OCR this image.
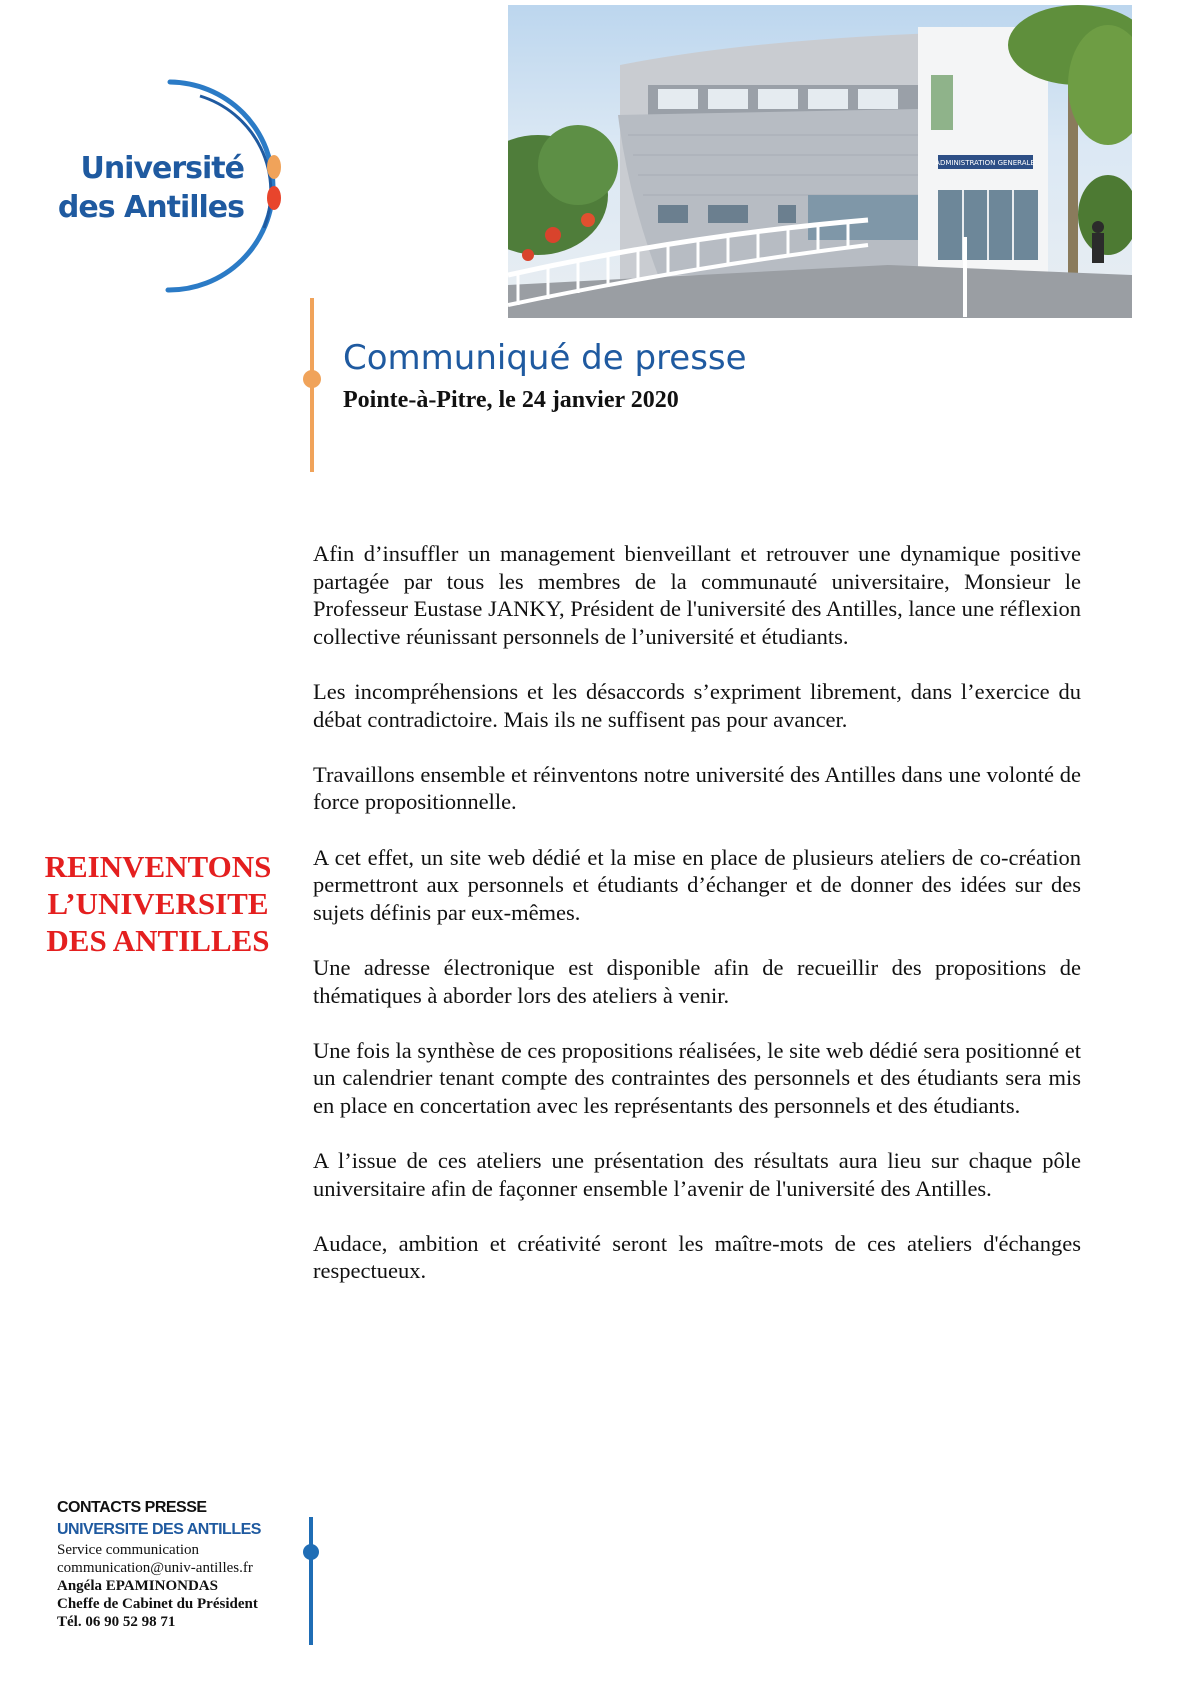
Université
des Antilles
ADMINISTRATION GENERALE
Communiqué de presse
Pointe-à-Pitre, le 24 janvier 2020

Afin d’insuffler un management bienveillant et retrouver une dynamique positive partagée par tous les membres de la communauté universitaire, Monsieur le Professeur Eustase JANKY, Président de l'université des Antilles, lance une réflexion collective réunissant personnels de l’université et étudiants.

Les incompréhensions et les désaccords s’expriment librement, dans l’exercice du débat contradictoire. Mais ils ne suffisent pas pour avancer.

Travaillons ensemble et réinventons notre université des Antilles dans une volonté de force propositionnelle.

A cet effet, un site web dédié et la mise en place de plusieurs ateliers de co-création permettront aux personnels et étudiants d’échanger et de donner des idées sur des sujets définis par eux-mêmes.

Une adresse électronique est disponible afin de recueillir des propositions de thématiques à aborder lors des ateliers à venir.

Une fois la synthèse de ces propositions réalisées, le site web dédié sera positionné et un calendrier tenant compte des contraintes des personnels et des étudiants sera mis en place en concertation avec les représentants des personnels et des étudiants.

A l’issue de ces ateliers une présentation des résultats aura lieu sur chaque pôle universitaire afin de façonner ensemble l’avenir de l'université des Antilles.

Audace, ambition et créativité seront les maître-mots de ces ateliers d'échanges respectueux.

REINVENTONS
L’UNIVERSITE
DES ANTILLES
CONTACTS PRESSE
UNIVERSITE DES ANTILLES
Service communication
communication@univ-antilles.fr
Angéla EPAMINONDAS
Cheffe de Cabinet du Président
Tél. 06 90 52 98 71
